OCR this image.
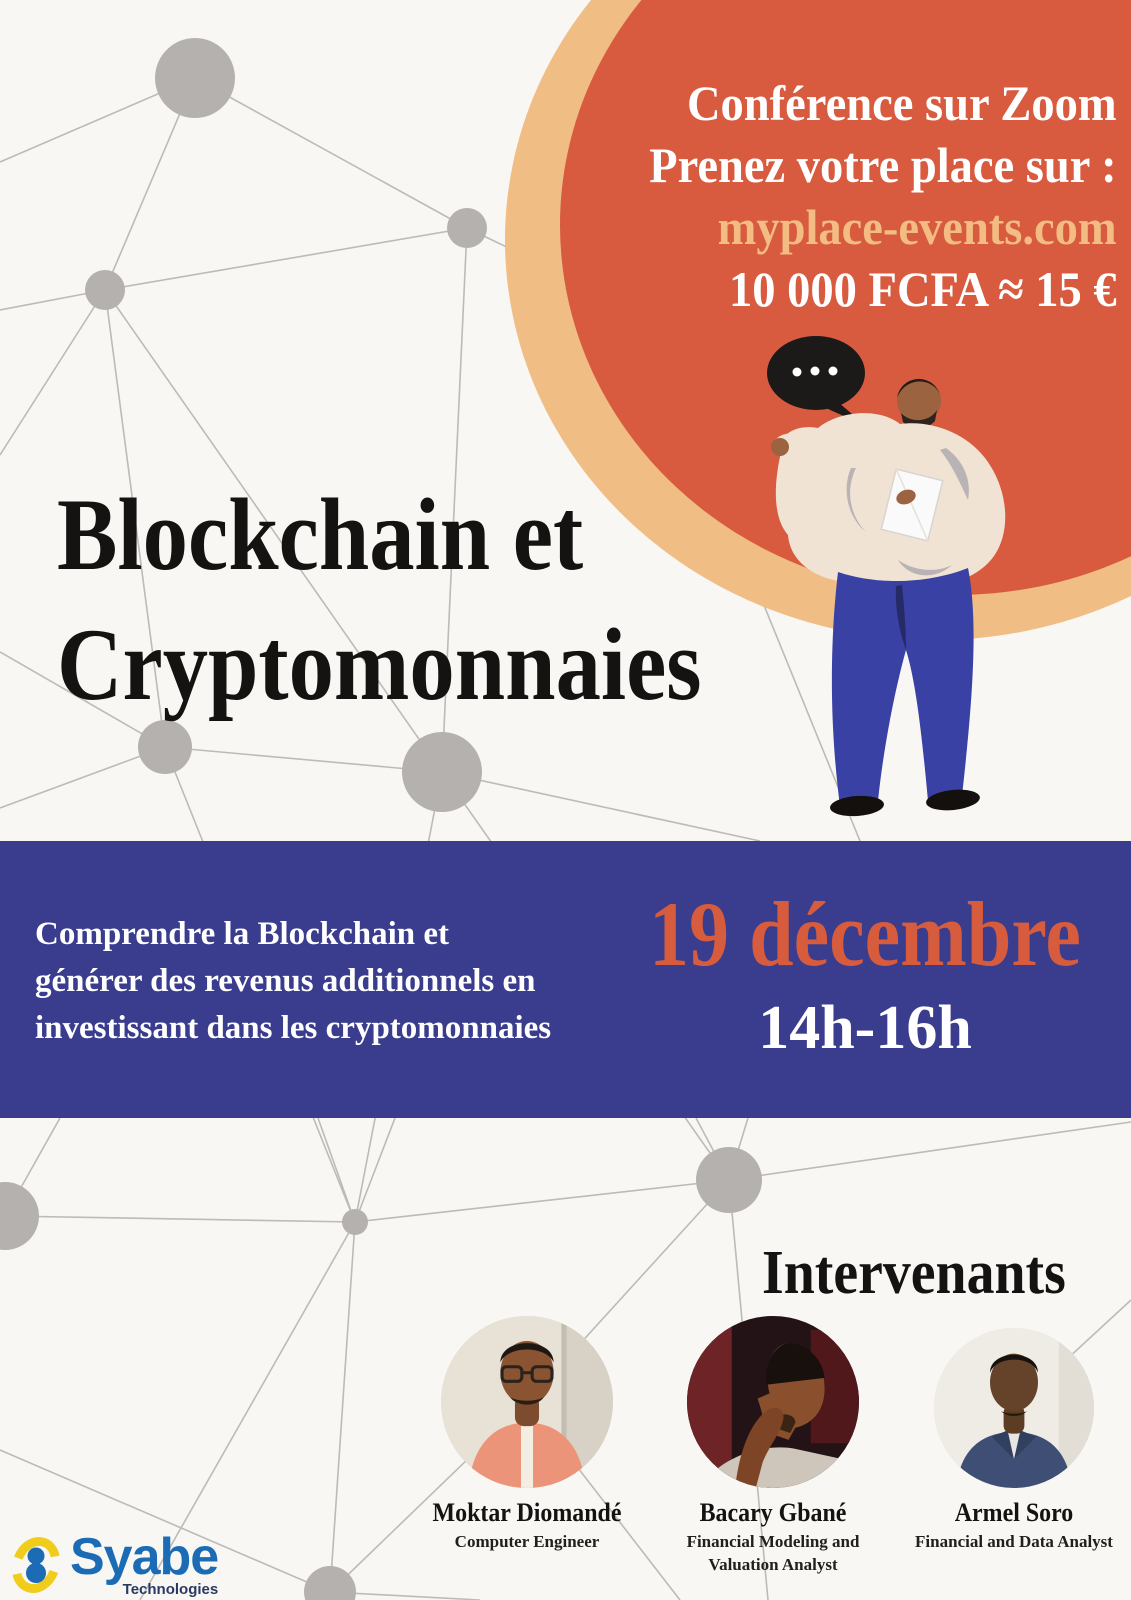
Conférence sur Zoom
Prenez votre place sur :
myplace-events.com
10 000 FCFA ≈ 15 €
Blockchain et
Cryptomonnaies
Comprendre la Blockchain et
générer des revenus additionnels en
investissant dans les cryptomonnaies
19 décembre
14h-16h
Intervenants
Moktar Diomandé
Computer Engineer
Bacary Gbané
Financial Modeling and Valuation Analyst
Armel Soro
Financial and Data Analyst
Syabe
Technologies
